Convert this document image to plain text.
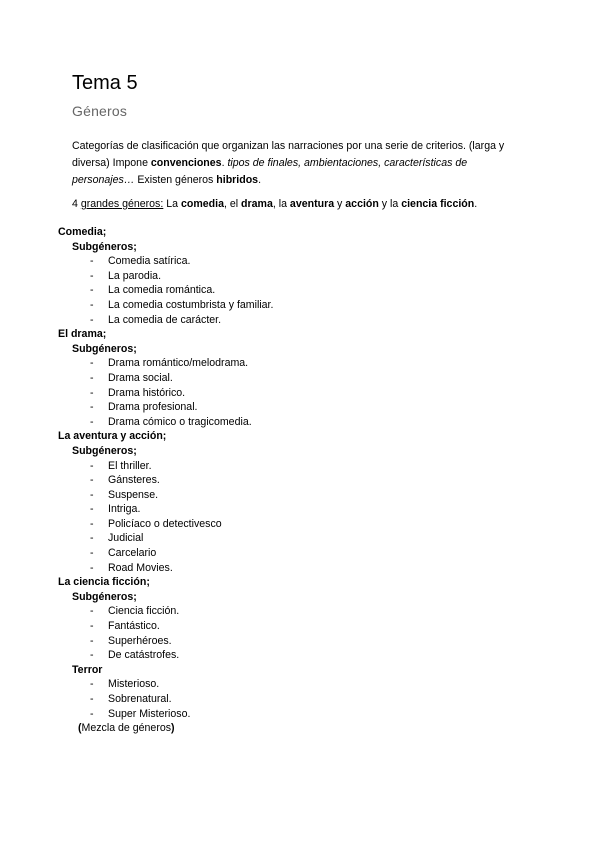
Tema 5

Géneros

Categorías de clasificación que organizan las narraciones por una serie de criterios. (larga y diversa) Impone convenciones. tipos de finales, ambientaciones, características de personajes… Existen géneros hibridos.

4 grandes géneros: La comedia, el drama, la aventura y acción y la ciencia ficción.

Comedia;

Subgéneros;

- Comedia satírica.
- La parodia.
- La comedia romántica.
- La comedia costumbrista y familiar.
- La comedia de carácter.

El drama;

Subgéneros;

- Drama romántico/melodrama.
- Drama social.
- Drama histórico.
- Drama profesional.
- Drama cómico o tragicomedia.

La aventura y acción;

Subgéneros;

- El thriller.
- Gánsteres.
- Suspense.
- Intriga.
- Policíaco o detectivesco
- Judicial
- Carcelario
- Road Movies.

La ciencia ficción;

Subgéneros;

- Ciencia ficción.
- Fantástico.
- Superhéroes.
- De catástrofes.

Terror

- Misterioso.
- Sobrenatural.
- Super Misterioso.

(Mezcla de géneros)
